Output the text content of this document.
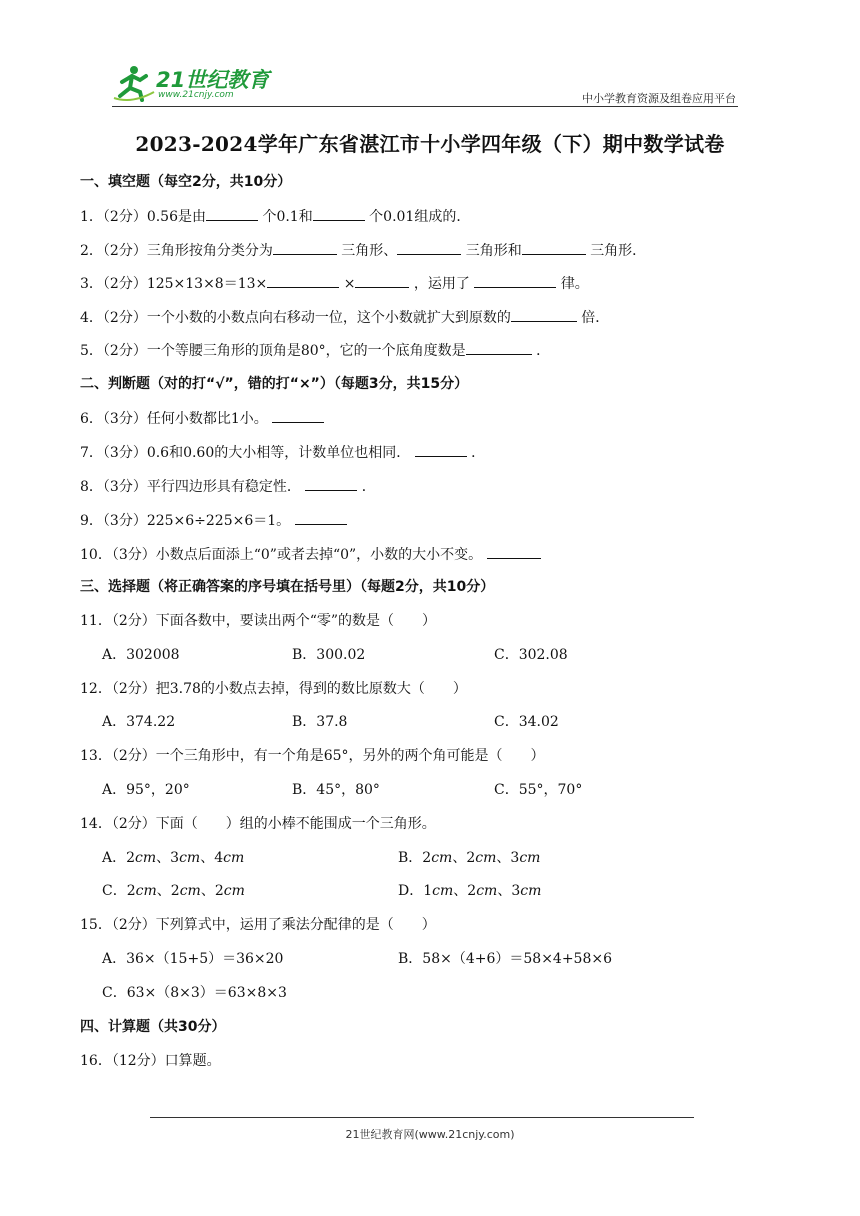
21世纪教育
www.21cnjy.com	中小学教育资源及组卷应用平台
2023-2024学年广东省湛江市十小学四年级（下）期中数学试卷
一、填空题（每空2分，共10分）
1．（2分）0.56是由	个0.1和	个0.01组成的．
2．（2分）三角形按角分类分为	三角形、	三角形和	三角形．
3．（2分）125×13×8＝13×	×	，运用了	律。
4．（2分）一个小数的小数点向右移动一位，这个小数就扩大到原数的	倍．
5．（2分）一个等腰三角形的顶角是80°，它的一个底角度数是	．
二、判断题（对的打“√”，错的打“×”）（每题3分，共15分）
6．（3分）任何小数都比1小。
7．（3分）0.6和0.60的大小相等，计数单位也相同．	．
8．（3分）平行四边形具有稳定性．	．
9．（3分）225×6÷225×6＝1。
10．（3分）小数点后面添上“0”或者去掉“0”，小数的大小不变。
三、选择题（将正确答案的序号填在括号里）（每题2分，共10分）
11．（2分）下面各数中，要读出两个“零”的数是（　　）
A．302008	B．300.02	C．302.08
12．（2分）把3.78的小数点去掉，得到的数比原数大（　　）
A．374.22	B．37.8	C．34.02
13．（2分）一个三角形中，有一个角是65°，另外的两个角可能是（　　）
A．95°，20°	B．45°，80°	C．55°，70°
14．（2分）下面（　　）组的小棒不能围成一个三角形。
A．2cm、3cm、4cm	B．2cm、2cm、3cm
C．2cm、2cm、2cm	D．1cm、2cm、3cm
15．（2分）下列算式中，运用了乘法分配律的是（　　）
A．36×（15+5）＝36×20	B．58×（4+6）＝58×4+58×6
C．63×（8×3）＝63×8×3
四、计算题（共30分）
16．（12分）口算题。
21世纪教育网(www.21cnjy.com)
